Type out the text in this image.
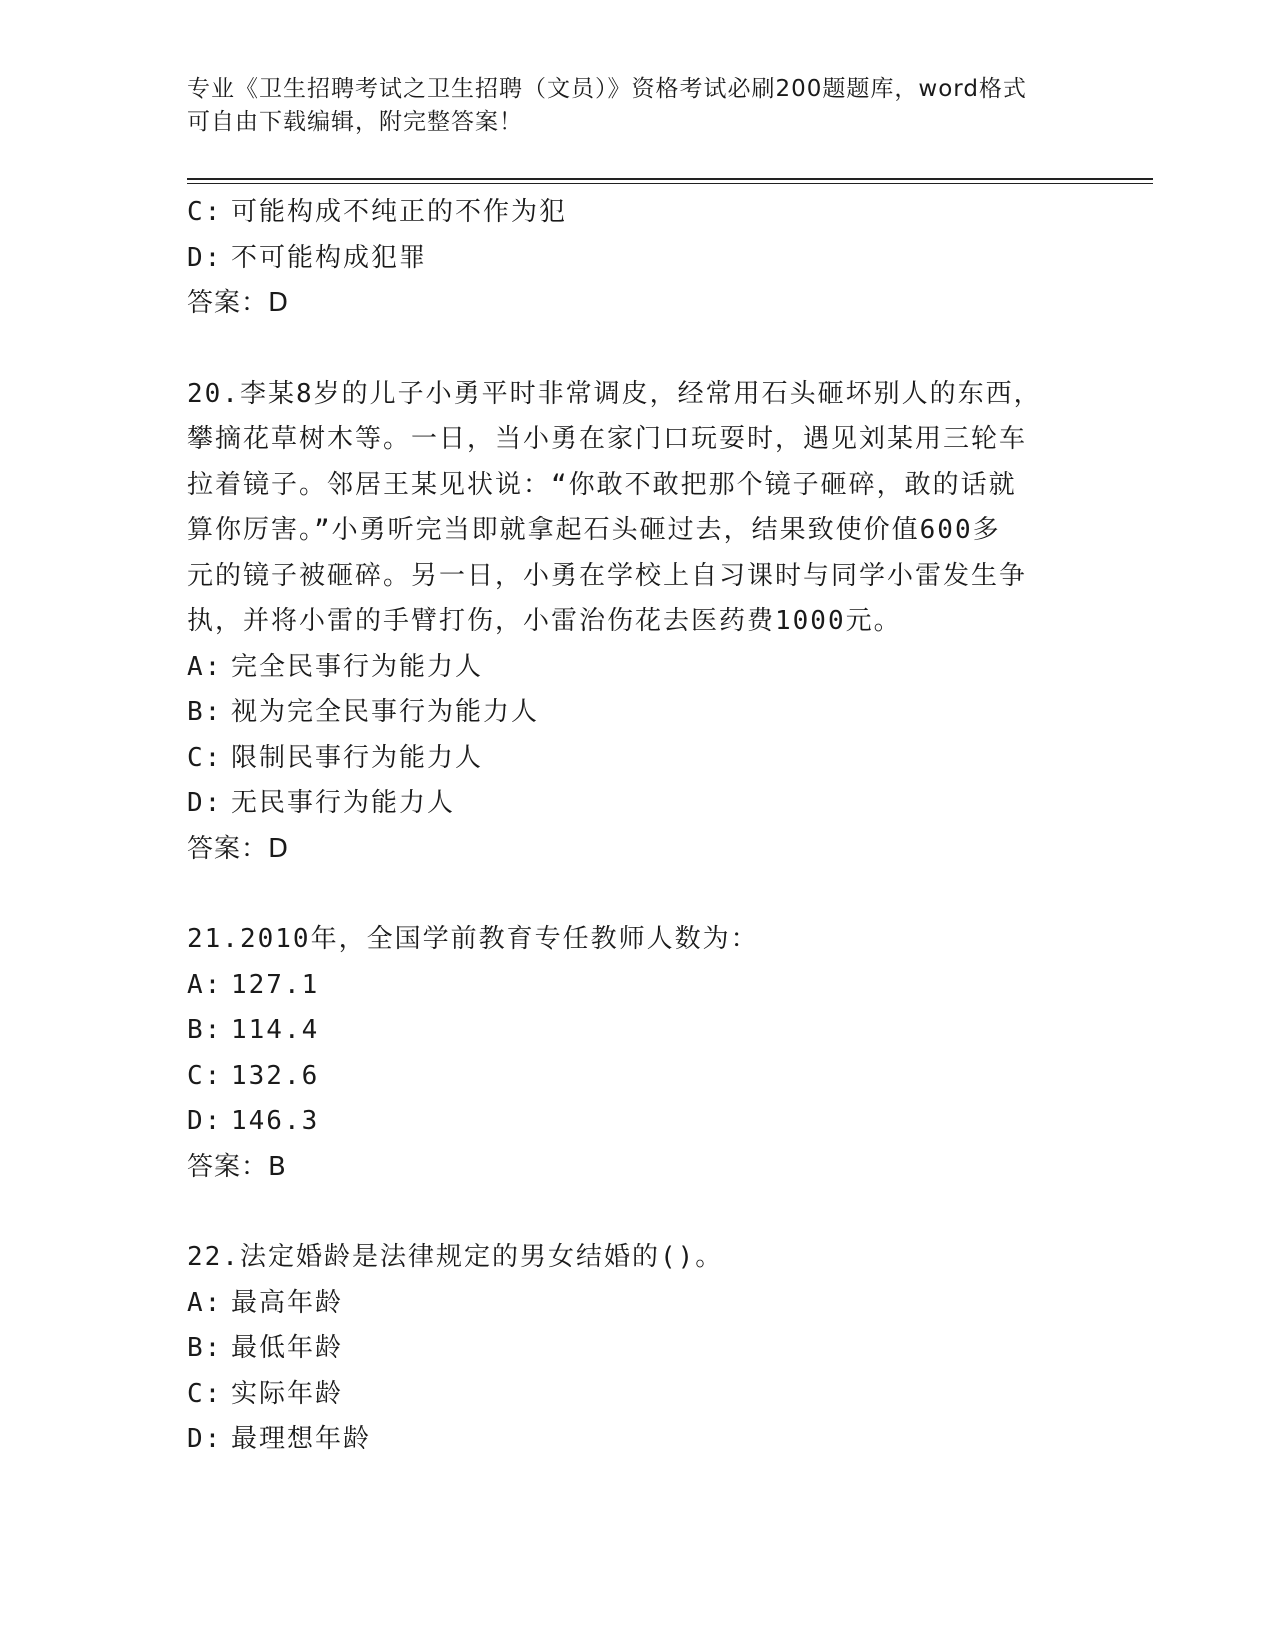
专业《卫生招聘考试之卫生招聘（文员）》资格考试必刷200题题库，word格式
可自由下载编辑，附完整答案！
C: 可能构成不纯正的不作为犯
D: 不可能构成犯罪
答案：D
20.李某8岁的儿子小勇平时非常调皮，经常用石头砸坏别人的东西，
攀摘花草树木等。一日，当小勇在家门口玩耍时，遇见刘某用三轮车
拉着镜子。邻居王某见状说：“你敢不敢把那个镜子砸碎，敢的话就
算你厉害。”小勇听完当即就拿起石头砸过去，结果致使价值600多
元的镜子被砸碎。另一日，小勇在学校上自习课时与同学小雷发生争
执，并将小雷的手臂打伤，小雷治伤花去医药费1000元。
A: 完全民事行为能力人
B: 视为完全民事行为能力人
C: 限制民事行为能力人
D: 无民事行为能力人
答案：D
21.2010年，全国学前教育专任教师人数为：
A: 127.1
B: 114.4
C: 132.6
D: 146.3
答案：B
22.法定婚龄是法律规定的男女结婚的()。
A: 最高年龄
B: 最低年龄
C: 实际年龄
D: 最理想年龄
